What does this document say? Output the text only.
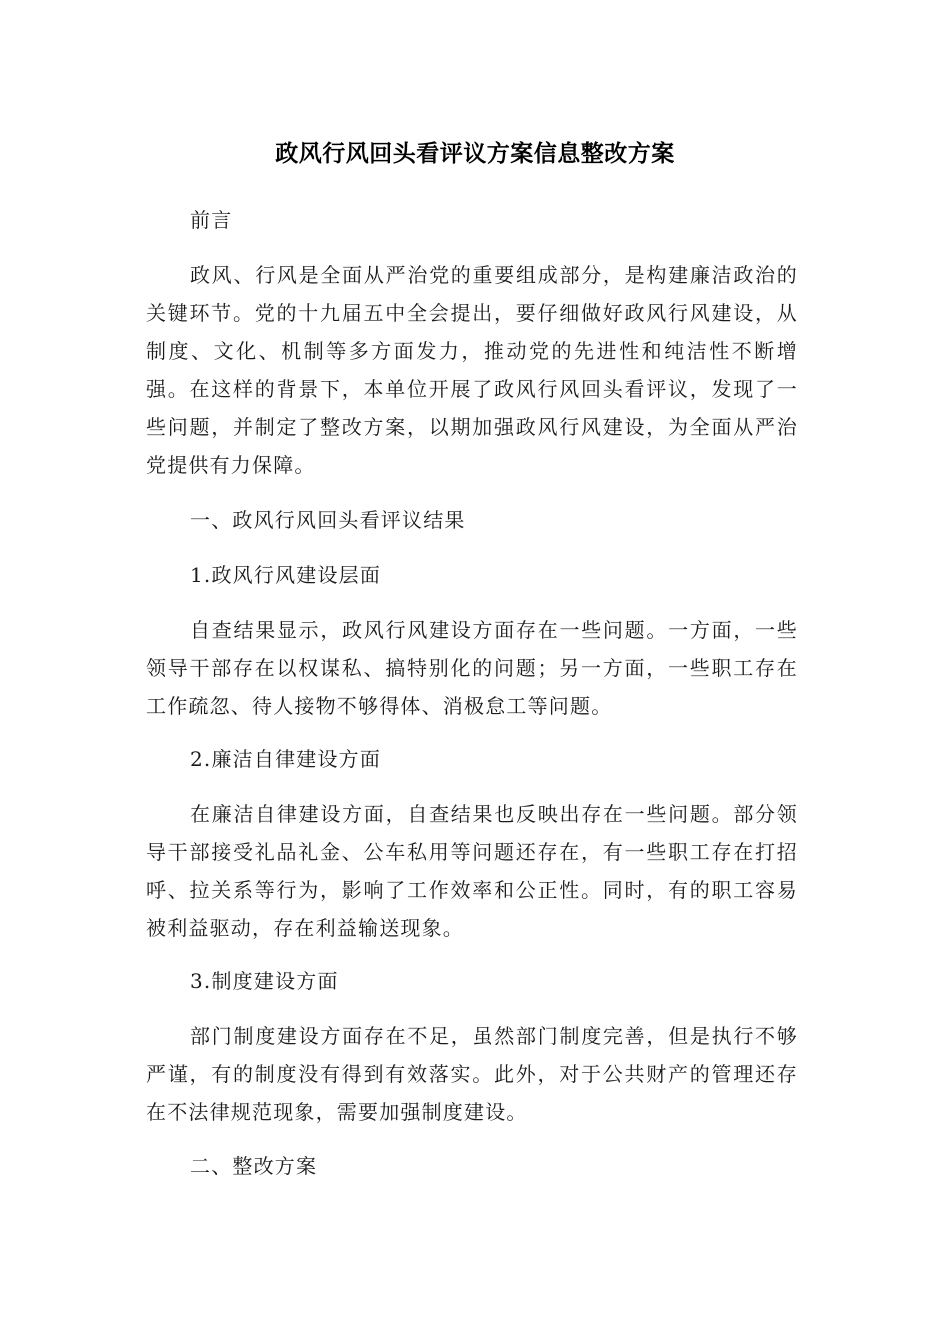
政风行风回头看评议方案信息整改方案
前言
政风、行风是全面从严治党的重要组成部分，是构建廉洁政治的关键环节。党的十九届五中全会提出，要仔细做好政风行风建设，从制度、文化、机制等多方面发力，推动党的先进性和纯洁性不断增强。在这样的背景下，本单位开展了政风行风回头看评议，发现了一些问题，并制定了整改方案，以期加强政风行风建设，为全面从严治党提供有力保障。
一、政风行风回头看评议结果
1.政风行风建设层面
自查结果显示，政风行风建设方面存在一些问题。一方面，一些领导干部存在以权谋私、搞特别化的问题；另一方面，一些职工存在工作疏忽、待人接物不够得体、消极怠工等问题。
2.廉洁自律建设方面
在廉洁自律建设方面，自查结果也反映出存在一些问题。部分领导干部接受礼品礼金、公车私用等问题还存在，有一些职工存在打招呼、拉关系等行为，影响了工作效率和公正性。同时，有的职工容易被利益驱动，存在利益输送现象。
3.制度建设方面
部门制度建设方面存在不足，虽然部门制度完善，但是执行不够严谨，有的制度没有得到有效落实。此外，对于公共财产的管理还存在不法律规范现象，需要加强制度建设。
二、整改方案
